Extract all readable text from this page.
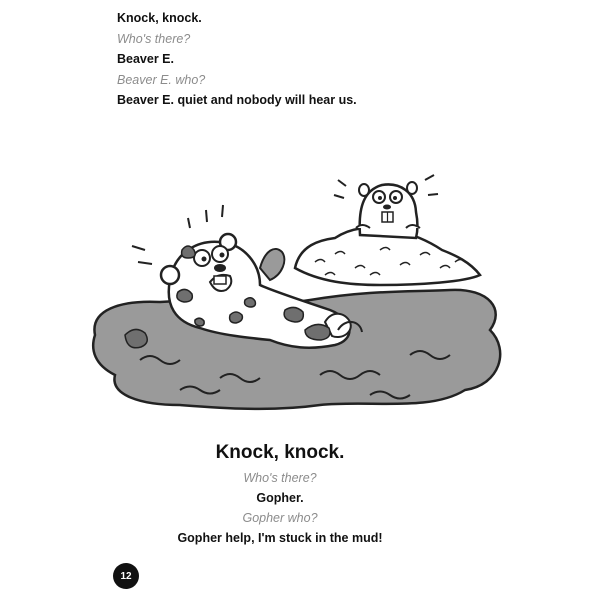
Knock, knock.
Who's there?
Beaver E.
Beaver E. who?
Beaver E. quiet and nobody will hear us.
Knock, knock.
Who's there?
Gopher.
Gopher who?
Gopher help, I'm stuck in the mud!
12
